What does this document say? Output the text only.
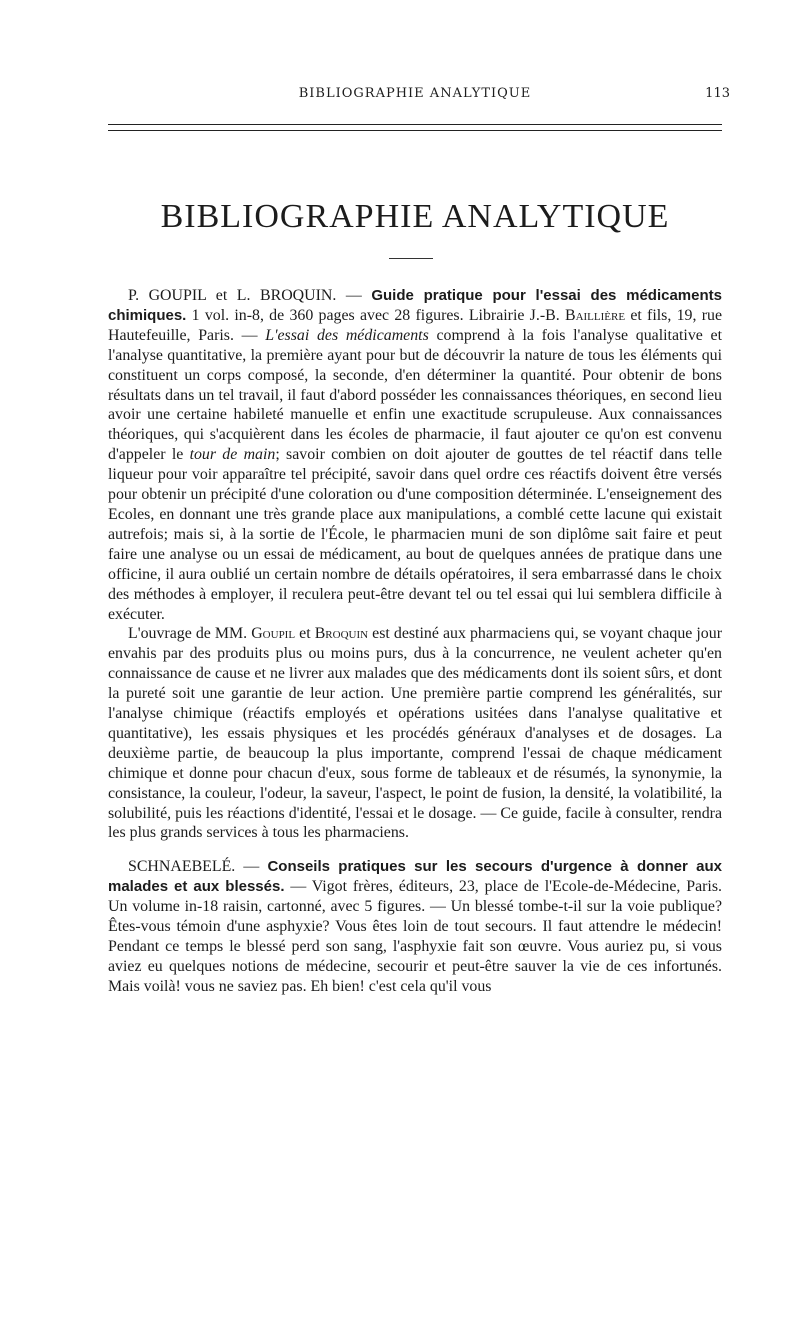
BIBLIOGRAPHIE ANALYTIQUE	113
BIBLIOGRAPHIE ANALYTIQUE

P. GOUPIL et L. BROQUIN. — Guide pratique pour l'essai des médicaments chimiques. 1 vol. in-8, de 360 pages avec 28 figures. Librairie J.-B. Baillière et fils, 19, rue Hautefeuille, Paris. — L'essai des médicaments comprend à la fois l'analyse qualitative et l'analyse quantitative, la première ayant pour but de découvrir la nature de tous les éléments qui constituent un corps composé, la seconde, d'en déterminer la quantité. Pour obtenir de bons résultats dans un tel travail, il faut d'abord posséder les connaissances théoriques, en second lieu avoir une certaine habileté manuelle et enfin une exactitude scrupuleuse. Aux connaissances théoriques, qui s'acquièrent dans les écoles de pharmacie, il faut ajouter ce qu'on est convenu d'appeler le tour de main; savoir combien on doit ajouter de gouttes de tel réactif dans telle liqueur pour voir apparaître tel précipité, savoir dans quel ordre ces réactifs doivent être versés pour obtenir un précipité d'une coloration ou d'une composition déterminée. L'enseignement des Ecoles, en donnant une très grande place aux manipulations, a comblé cette lacune qui existait autrefois; mais si, à la sortie de l'École, le pharmacien muni de son diplôme sait faire et peut faire une analyse ou un essai de médicament, au bout de quelques années de pratique dans une officine, il aura oublié un certain nombre de détails opératoires, il sera embarrassé dans le choix des méthodes à employer, il reculera peut-être devant tel ou tel essai qui lui semblera difficile à exécuter.

L'ouvrage de MM. Goupil et Broquin est destiné aux pharmaciens qui, se voyant chaque jour envahis par des produits plus ou moins purs, dus à la concurrence, ne veulent acheter qu'en connaissance de cause et ne livrer aux malades que des médicaments dont ils soient sûrs, et dont la pureté soit une garantie de leur action. Une première partie comprend les généralités, sur l'analyse chimique (réactifs employés et opérations usitées dans l'analyse qualitative et quantitative), les essais physiques et les procédés généraux d'analyses et de dosages. La deuxième partie, de beaucoup la plus importante, comprend l'essai de chaque médicament chimique et donne pour chacun d'eux, sous forme de tableaux et de résumés, la synonymie, la consistance, la couleur, l'odeur, la saveur, l'aspect, le point de fusion, la densité, la volatibilité, la solubilité, puis les réactions d'identité, l'essai et le dosage. — Ce guide, facile à consulter, rendra les plus grands services à tous les pharmaciens.

SCHNAEBELÉ. — Conseils pratiques sur les secours d'urgence à donner aux malades et aux blessés. — Vigot frères, éditeurs, 23, place de l'Ecole-de-Médecine, Paris. Un volume in-18 raisin, cartonné, avec 5 figures. — Un blessé tombe-t-il sur la voie publique? Êtes-vous témoin d'une asphyxie? Vous êtes loin de tout secours. Il faut attendre le médecin! Pendant ce temps le blessé perd son sang, l'asphyxie fait son œuvre. Vous auriez pu, si vous aviez eu quelques notions de médecine, secourir et peut-être sauver la vie de ces infortunés. Mais voilà! vous ne saviez pas. Eh bien! c'est cela qu'il vous
